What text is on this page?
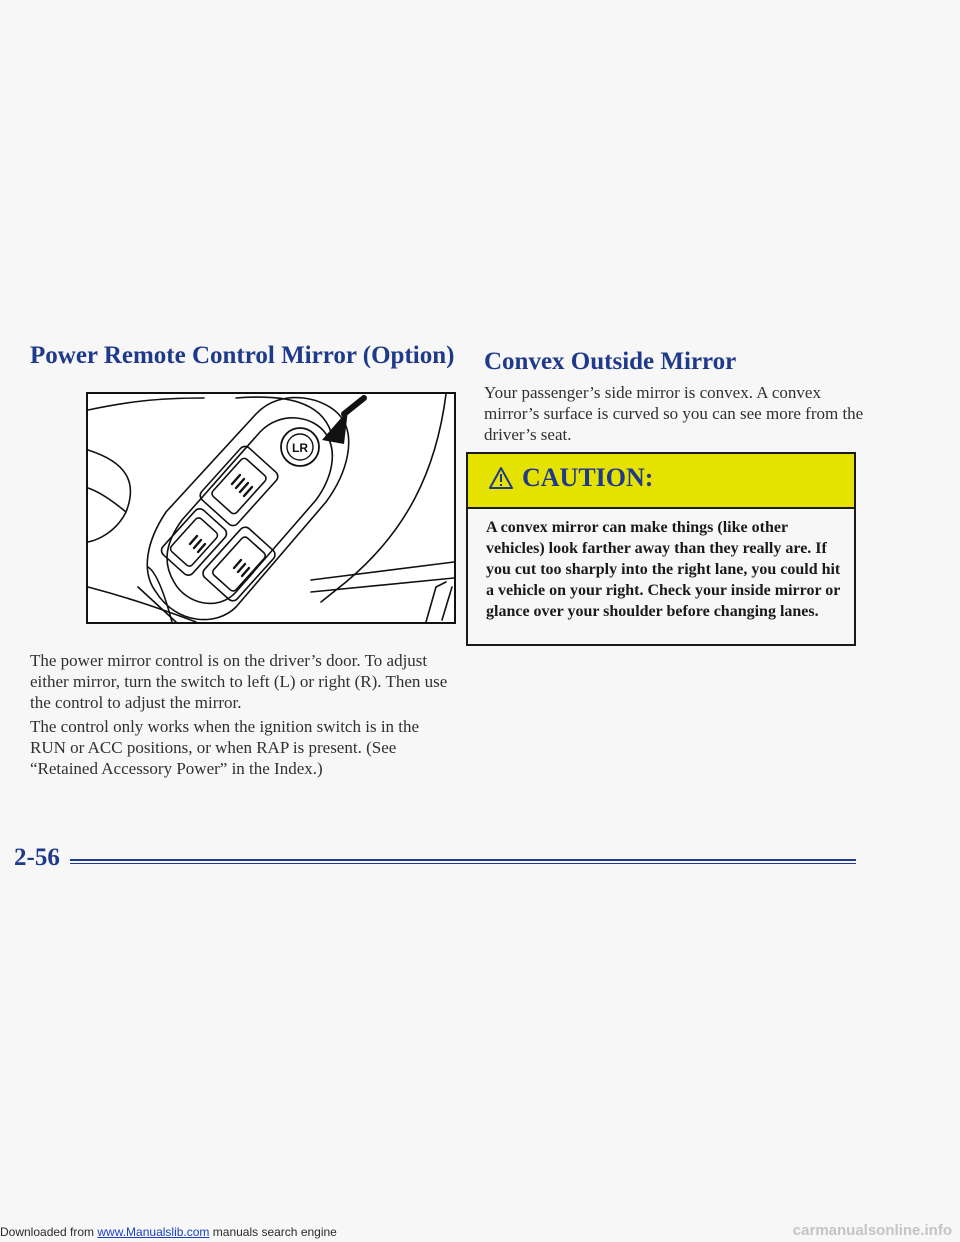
Power Remote Control Mirror (Option)
LR

The power mirror control is on the driver’s door. To adjust either mirror, turn the switch to left (L) or right (R). Then use the control to adjust the mirror.

The control only works when the ignition switch is in the RUN or ACC positions, or when RAP is present. (See “Retained Accessory Power” in the Index.)

Convex Outside Mirror

Your passenger’s side mirror is convex. A convex mirror’s surface is curved so you can see more from the driver’s seat.

CAUTION:

A convex mirror can make things (like other vehicles) look farther away than they really are. If you cut too sharply into the right lane, you could hit a vehicle on your right. Check your inside mirror or glance over your shoulder before changing lanes.

2-56

Downloaded from www.Manualslib.com manuals search engine	carmanualsonline.info
